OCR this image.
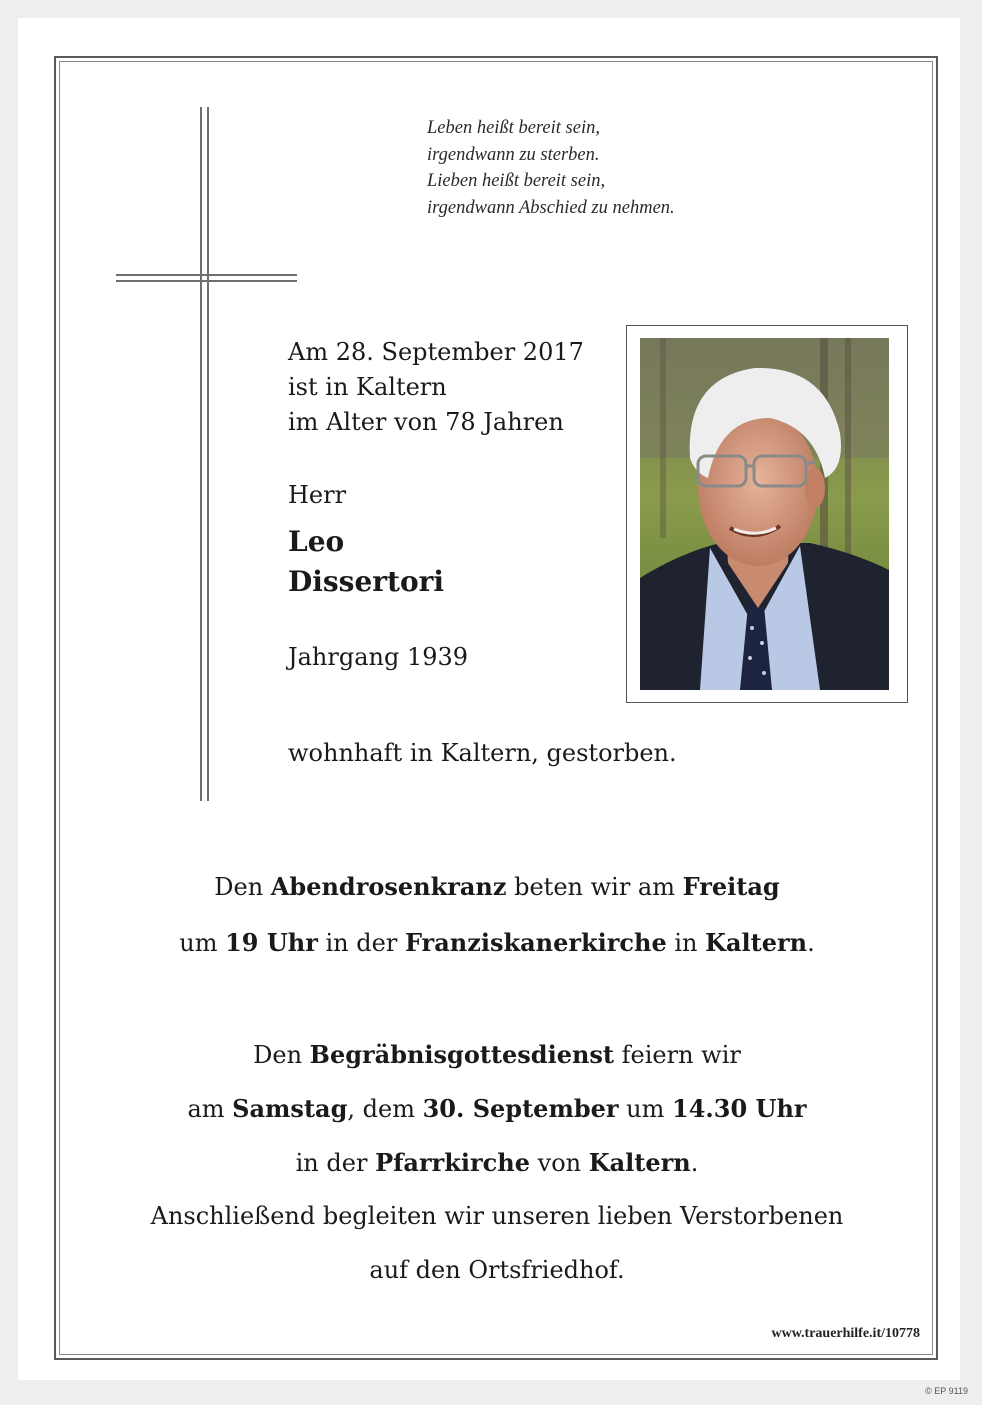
Leben heißt bereit sein,
irgendwann zu sterben.
Lieben heißt bereit sein,
irgendwann Abschied zu nehmen.
Am 28. September 2017
ist in Kaltern
im Alter von 78 Jahren
Herr
Leo
Dissertori
Jahrgang 1939
wohnhaft in Kaltern, gestorben.
Den Abendrosenkranz beten wir am Freitag
um 19 Uhr in der Franziskanerkirche in Kaltern.
Den Begräbnisgottesdienst feiern wir
am Samstag, dem 30. September um 14.30 Uhr
in der Pfarrkirche von Kaltern.
Anschließend begleiten wir unseren lieben Verstorbenen
auf den Ortsfriedhof.
www.trauerhilfe.it/10778
© EP 9119
